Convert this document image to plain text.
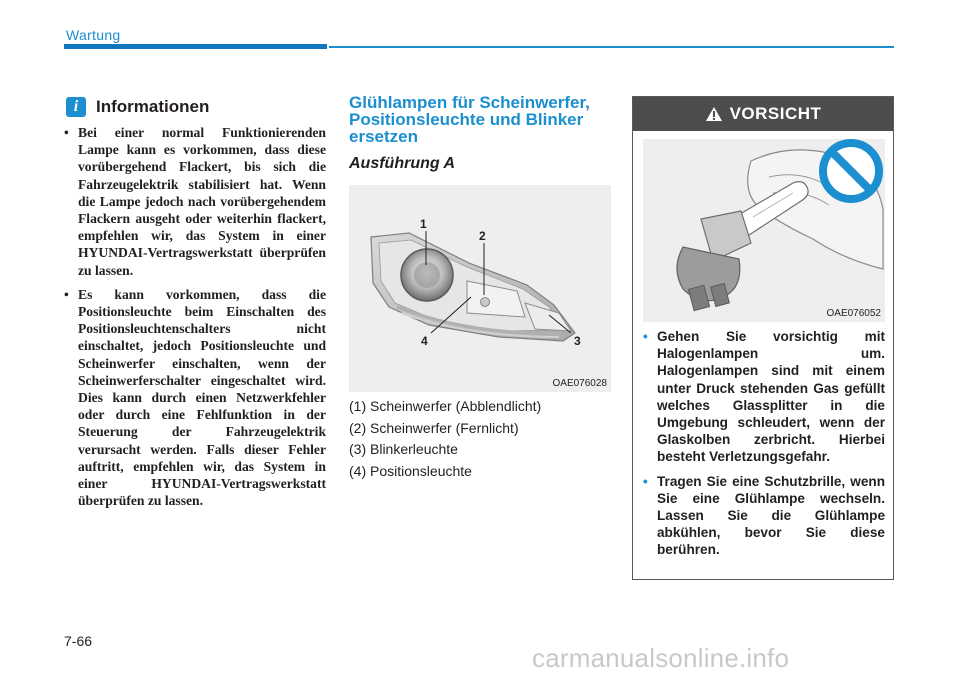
Wartung
i	Informationen
• Bei einer normal Funktionierenden Lampe kann es vorkommen, dass diese vorübergehend Flackert, bis sich die Fahrzeugelektrik stabilisiert hat. Wenn die Lampe jedoch nach vorübergehendem Flackern ausgeht oder weiterhin flackert, empfehlen wir, das System in einer HYUNDAI-Vertragswerkstatt überprüfen zu lassen.
• Es kann vorkommen, dass die Positionsleuchte beim Einschalten des Positionsleuchtenschalters nicht einschaltet, jedoch Positionsleuchte und Scheinwerfer einschalten, wenn der Scheinwerferschalter eingeschaltet wird. Dies kann durch einen Netzwerkfehler oder durch eine Fehlfunktion in der Steuerung der Fahrzeugelektrik verursacht werden. Falls dieser Fehler auftritt, empfehlen wir, das System in einer HYUNDAI-Vertragswerkstatt überprüfen zu lassen.
Glühlampen für Scheinwerfer, Positionsleuchte und Blinker ersetzen
Ausführung A
1
2
4	3
OAE076028
(1) Scheinwerfer (Abblendlicht)
(2) Scheinwerfer (Fernlicht)
(3) Blinkerleuchte
(4) Positionsleuchte
VORSICHT
OAE076052
• Gehen Sie vorsichtig mit Halogenlampen um. Halogenlampen sind mit einem unter Druck stehenden Gas gefüllt welches Glassplitter in die Umgebung schleudert, wenn der Glaskolben zerbricht. Hierbei besteht Verletzungsgefahr.
• Tragen Sie eine Schutzbrille, wenn Sie eine Glühlampe wechseln. Lassen Sie die Glühlampe abkühlen, bevor Sie diese berühren.
7-66
carmanualsonline.info
